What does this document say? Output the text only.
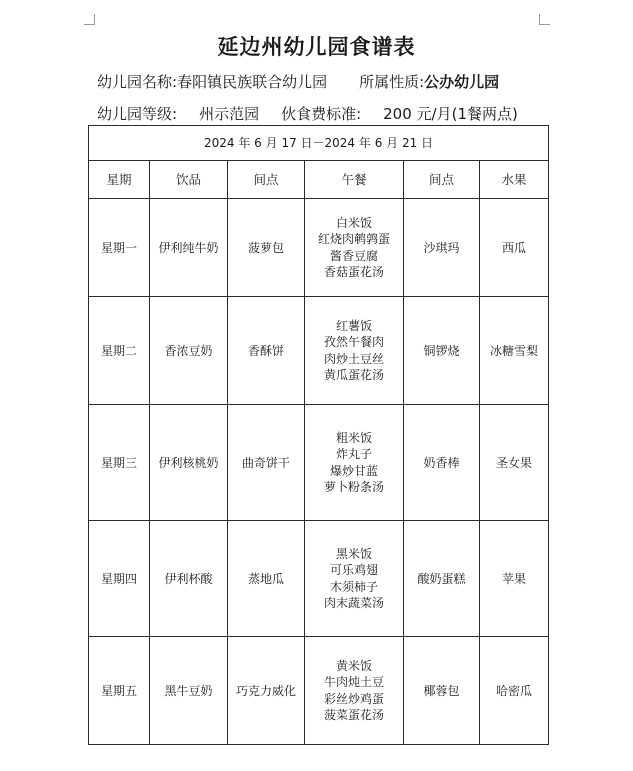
延边州幼儿园食谱表
幼儿园名称:春阳镇民族联合幼儿园 所属性质:公办幼儿园
幼儿园等级: 州示范园 伙食费标准: 200 元/月(1餐两点)
2024 年 6 月 17 日－2024 年 6 月 21 日					
星期	饮品	间点	午餐	间点	水果
星期一	伊利纯牛奶	菠萝包	白米饭
红烧肉鹌鹑蛋
酱香豆腐
香菇蛋花汤	沙琪玛	西瓜
星期二	香浓豆奶	香酥饼	红薯饭
孜然午餐肉
肉炒土豆丝
黄瓜蛋花汤	铜锣烧	冰糖雪梨
星期三	伊利核桃奶	曲奇饼干	粗米饭
炸丸子
爆炒甘蓝
萝卜粉条汤	奶香棒	圣女果
星期四	伊利杯酸	蒸地瓜	黑米饭
可乐鸡翅
木须柿子
肉末蔬菜汤	酸奶蛋糕	苹果
星期五	黑牛豆奶	巧克力威化	黄米饭
牛肉炖土豆
彩丝炒鸡蛋
菠菜蛋花汤	椰蓉包	哈密瓜
